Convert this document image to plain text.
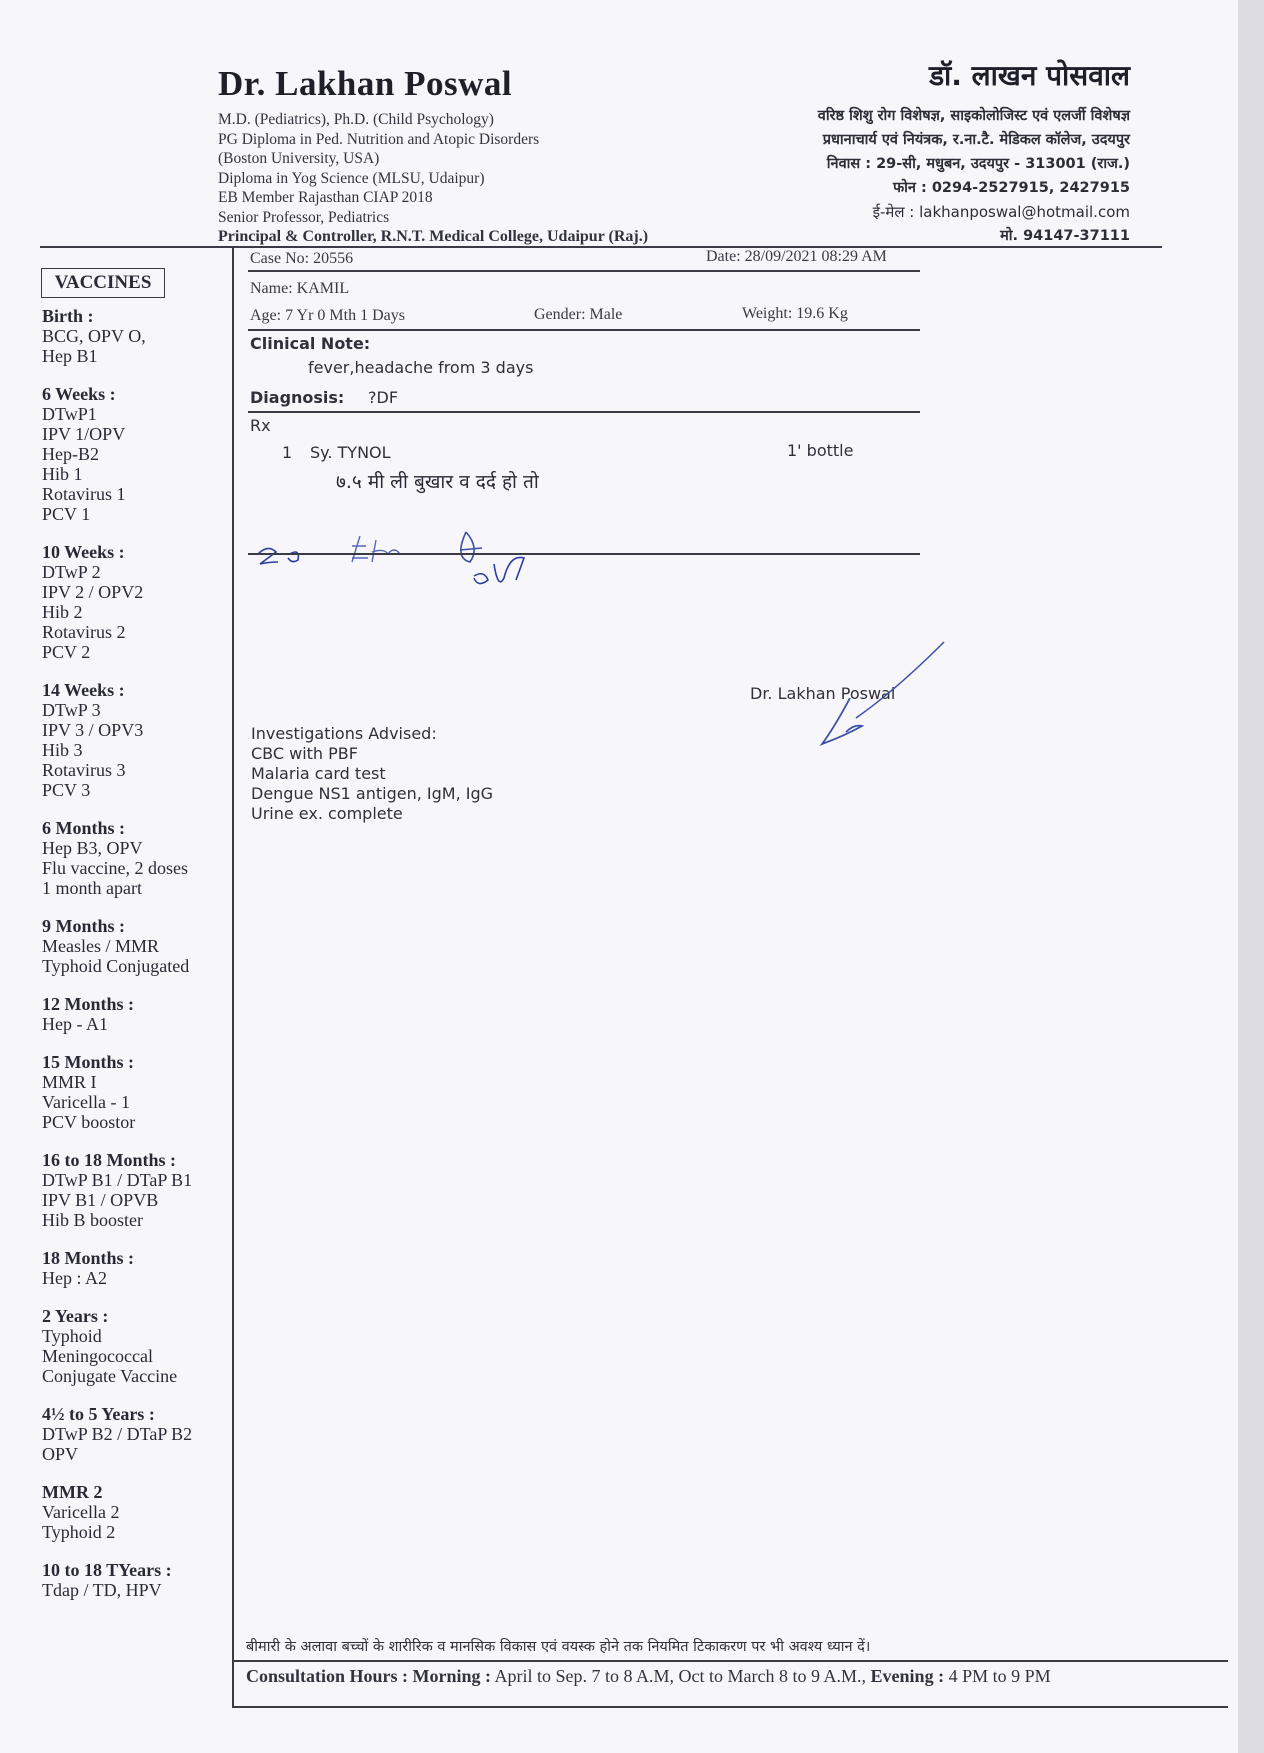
Dr. Lakhan Poswal

M.D. (Pediatrics), Ph.D. (Child Psychology)

PG Diploma in Ped. Nutrition and Atopic Disorders

(Boston University, USA)

Diploma in Yog Science (MLSU, Udaipur)

EB Member Rajasthan CIAP 2018

Senior Professor, Pediatrics

Principal & Controller, R.N.T. Medical College, Udaipur (Raj.)

डॉ. लाखन पोसवाल

वरिष्ठ शिशु रोग विशेषज्ञ, साइकोलोजिस्ट एवं एलर्जी विशेषज्ञ

प्रधानाचार्य एवं नियंत्रक, र.ना.टै. मेडिकल कॉलेज, उदयपुर

निवास : 29-सी, मधुबन, उदयपुर - 313001 (राज.)

फोन : 0294-2527915, 2427915

ई-मेल : lakhanposwal@hotmail.com

मो. 94147-37111

VACCINES
Birth :

BCG, OPV O,

Hep B1

6 Weeks :

DTwP1

IPV 1/OPV

Hep-B2

Hib 1

Rotavirus 1

PCV 1

10 Weeks :

DTwP 2

IPV 2 / OPV2

Hib 2

Rotavirus 2

PCV 2

14 Weeks :

DTwP 3

IPV 3 / OPV3

Hib 3

Rotavirus 3

PCV 3

6 Months :

Hep B3, OPV

Flu vaccine, 2 doses

1 month apart

9 Months :

Measles / MMR

Typhoid Conjugated

12 Months :

Hep - A1

15 Months :

MMR I

Varicella - 1

PCV boostor

16 to 18 Months :

DTwP B1 / DTaP B1

IPV B1 / OPVB

Hib B booster

18 Months :

Hep : A2

2 Years :

Typhoid

Meningococcal

Conjugate Vaccine

4½ to 5 Years :

DTwP B2 / DTaP B2

OPV

MMR 2

Varicella 2

Typhoid 2

10 to 18 TYears :

Tdap / TD, HPV

Case No: 20556	Date: 28/09/2021 08:29 AM
Name: KAMIL
Age: 7 Yr 0 Mth 1 Days	Gender: Male	Weight: 19.6 Kg
Clinical Note:
fever,headache from 3 days
Diagnosis: ?DF
Rx
1 Sy. TYNOL	1' bottle
७.५ मी ली बुखार व दर्द हो तो
Dr. Lakhan Poswal
Investigations Advised:
CBC with PBF
Malaria card test
Dengue NS1 antigen, IgM, IgG
Urine ex. complete
बीमारी के अलावा बच्चों के शारीरिक व मानसिक विकास एवं वयस्क होने तक नियमित टिकाकरण पर भी अवश्य ध्यान दें।
Consultation Hours : Morning : April to Sep. 7 to 8 A.M, Oct to March 8 to 9 A.M., Evening : 4 PM to 9 PM
